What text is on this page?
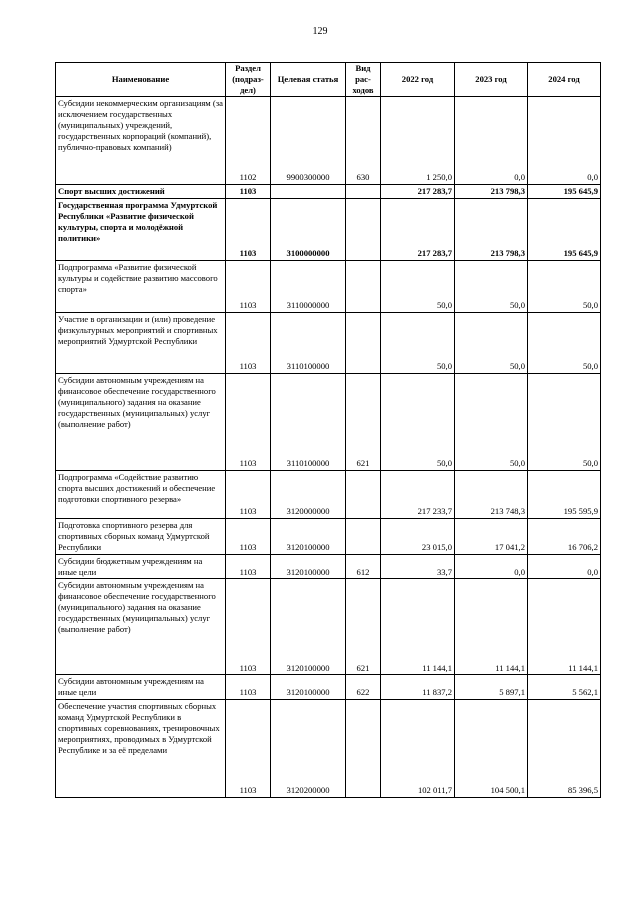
129
Наименование	Раздел (подраз-дел)	Целевая статья	Вид рас-ходов	2022 год	2023 год	2024 год
Субсидии некоммерческим организациям (за исключением государственных (муниципальных) учреждений, государственных корпораций (компаний), публично-правовых компаний)	1102	9900300000	630	1 250,0	0,0	0,0
Спорт высших достижений	1103			217 283,7	213 798,3	195 645,9
Государственная программа Удмуртской Республики «Развитие физической культуры, спорта и молодёжной политики»	1103	3100000000		217 283,7	213 798,3	195 645,9
Подпрограмма «Развитие физической культуры и содействие развитию массового спорта»	1103	3110000000		50,0	50,0	50,0
Участие в организации и (или) проведение физкультурных мероприятий и спортивных мероприятий Удмуртской Республики	1103	3110100000		50,0	50,0	50,0
Субсидии автономным учреждениям на финансовое обеспечение государственного (муниципального) задания на оказание государственных (муниципальных) услуг (выполнение работ)	1103	3110100000	621	50,0	50,0	50,0
Подпрограмма «Содействие развитию спорта высших достижений и обеспечение подготовки спортивного резерва»	1103	3120000000		217 233,7	213 748,3	195 595,9
Подготовка спортивного резерва для спортивных сборных команд Удмуртской Республики	1103	3120100000		23 015,0	17 041,2	16 706,2
Субсидии бюджетным учреждениям на иные цели	1103	3120100000	612	33,7	0,0	0,0
Субсидии автономным учреждениям на финансовое обеспечение государственного (муниципального) задания на оказание государственных (муниципальных) услуг (выполнение работ)	1103	3120100000	621	11 144,1	11 144,1	11 144,1
Субсидии автономным учреждениям на иные цели	1103	3120100000	622	11 837,2	5 897,1	5 562,1
Обеспечение участия спортивных сборных команд Удмуртской Республики в спортивных соревнованиях, тренировочных мероприятиях, проводимых в Удмуртской Республике и за её пределами	1103	3120200000		102 011,7	104 500,1	85 396,5
